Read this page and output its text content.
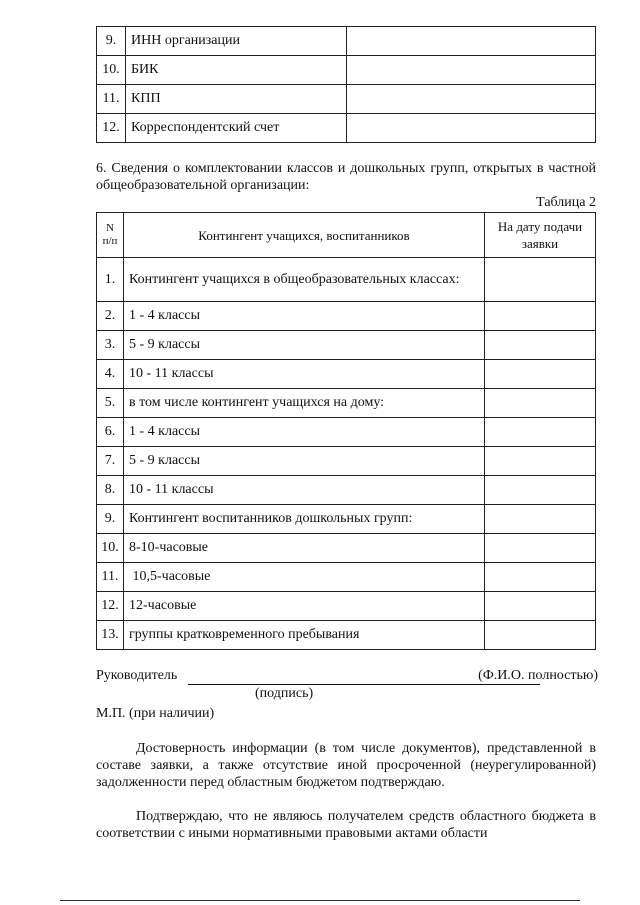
9.	ИНН организации	
10.	БИК	
11.	КПП	
12.	Корреспондентский счет	
6. Сведения о комплектовании классов и дошкольных групп, открытых в частной общеобразовательной организации:
Таблица 2
N
п/п	Контингент учащихся, воспитанников	На дату подачи заявки
1.	Контингент учащихся в общеобразовательных классах:	
2.	1 - 4 классы	
3.	5 - 9 классы	
4.	10 - 11 классы	
5.	в том числе контингент учащихся на дому:	
6.	1 - 4 классы	
7.	5 - 9 классы	
8.	10 - 11 классы	
9.	Контингент воспитанников дошкольных групп:	
10.	8-10-часовые	
11.	10,5-часовые	
12.	12-часовые	
13.	группы кратковременного пребывания	
Руководитель	(Ф.И.О. полностью)
(подпись)
М.П. (при наличии)
Достоверность информации (в том числе документов), представленной в составе заявки, а также отсутствие иной просроченной (неурегулированной) задолженности перед областным бюджетом подтверждаю.
Подтверждаю, что не являюсь получателем средств областного бюджета в соответствии с иными нормативными правовыми актами области
